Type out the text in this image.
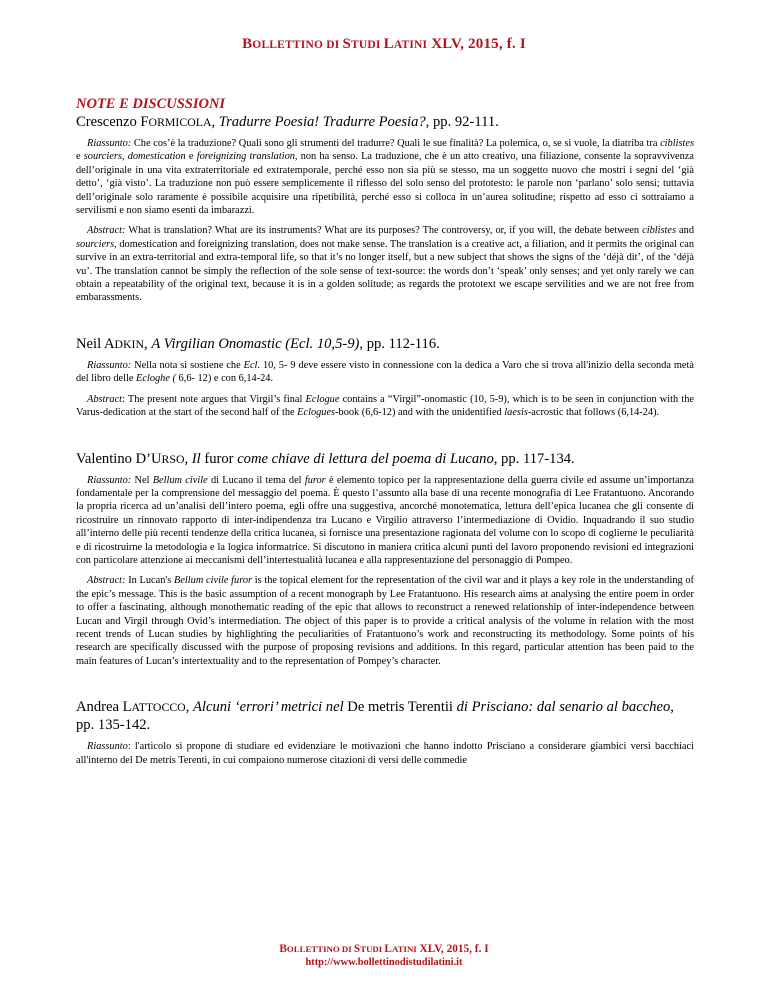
BOLLETTINO DI STUDI LATINI XLV, 2015, f. I
NOTE E DISCUSSIONI

Crescenzo FORMICOLA, Tradurre Poesia! Tradurre Poesia?, pp. 92-111.

Riassunto: Che cos’è la traduzione? Quali sono gli strumenti del tradurre? Quali le sue finalità? La polemica, o, se si vuole, la diatriba tra ciblistes e sourciers, domestication e foreignizing translation, non ha senso. La traduzione, che è un atto creativo, una filiazione, consente la sopravvivenza dell’originale in una vita extraterritoriale ed extratemporale, perché esso non sia più se stesso, ma un soggetto nuovo che mostri i segni del ‘già detto’, ‘già visto’. La traduzione non può essere semplicemente il riflesso del solo senso del prototesto: le parole non ‘parlano’ solo sensi; tuttavia dell’originale solo raramente è possibile acquisire una ripetibilità, perché esso si colloca in un’aurea solitudine; rispetto ad esso ci sottraiamo a servilismi e non siamo esenti da imbarazzi.

Abstract: What is translation? What are its instruments? What are its purposes? The controversy, or, if you will, the debate between ciblistes and sourciers, domestication and foreignizing translation, does not make sense. The translation is a creative act, a filiation, and it permits the original can survive in an extra-territorial and extra-temporal life, so that it’s no longer itself, but a new subject that shows the signs of the ‘déjà dit’, of the ‘déjà vu’. The translation cannot be simply the reflection of the sole sense of text-source: the words don’t ‘speak’ only senses; and yet only rarely we can obtain a repeatability of the original text, because it is in a golden solitude; as regards the prototext we escape servilities and we are not free from embarassments.

Neil ADKIN, A Virgilian Onomastic (Ecl. 10,5-9), pp. 112-116.

Riassunto: Nella nota si sostiene che Ecl. 10, 5- 9 deve essere visto in connessione con la dedica a Varo che si trova all'inizio della seconda metà del libro delle Ecloghe ( 6,6- 12) e con 6,14-24.

Abstract: The present note argues that Virgil’s final Eclogue contains a “Virgil”-onomastic (10, 5-9), which is to be seen in conjunction with the Varus-dedication at the start of the second half of the Eclogues-book (6,6-12) and with the unidentified laesis-acrostic that follows (6,14-24).

Valentino D’URSO, Il furor come chiave di lettura del poema di Lucano, pp. 117-134.

Riassunto: Nel Bellum civile di Lucano il tema del furor è elemento topico per la rappresentazione della guerra civile ed assume un’importanza fondamentale per la comprensione del messaggio del poema. È questo l’assunto alla base di una recente monografia di Lee Fratantuono. Ancorando la propria ricerca ad un’analisi dell’intero poema, egli offre una suggestiva, ancorché monotematica, lettura dell’epica lucanea che gli consente di ricostruire un rinnovato rapporto di inter-indipendenza tra Lucano e Virgilio attraverso l’intermediazione di Ovidio. Inquadrando il suo studio all’interno delle più recenti tendenze della critica lucanea, si fornisce una presentazione ragionata del volume con lo scopo di coglierne le peculiarità e di ricostruirne la metodologia e la logica informatrice. Si discutono in maniera critica alcuni punti del lavoro proponendo revisioni ed integrazioni con particolare attenzione ai meccanismi dell’intertestualità lucanea e alla rappresentazione del personaggio di Pompeo.

Abstract: In Lucan's Bellum civile furor is the topical element for the representation of the civil war and it plays a key role in the understanding of the epic’s message. This is the basic assumption of a recent monograph by Lee Fratantuono. His research aims at analysing the entire poem in order to offer a fascinating, although monothematic reading of the epic that allows to reconstruct a renewed relationship of inter-independence between Lucan and Virgil through Ovid’s intermediation. The object of this paper is to provide a critical analysis of the volume in relation with the most recent trends of Lucan studies by highlighting the peculiarities of Fratantuono’s work and reconstructing its methodology. Some points of his research are specifically discussed with the purpose of proposing revisions and additions. In this regard, particular attention has been paid to the main features of Lucan’s intertextuality and to the representation of Pompey’s character.

Andrea LATTOCCO, Alcuni ‘errori’ metrici nel De metris Terentii di Prisciano: dal senario al baccheo, pp. 135-142.

Riassunto: l'articolo si propone di studiare ed evidenziare le motivazioni che hanno indotto Prisciano a considerare giambici versi bacchiaci all'interno del De metris Terenti, in cui compaiono numerose citazioni di versi delle commedie

BOLLETTINO DI STUDI LATINI XLV, 2015, f. I
http://www.bollettinodistudilatini.it
